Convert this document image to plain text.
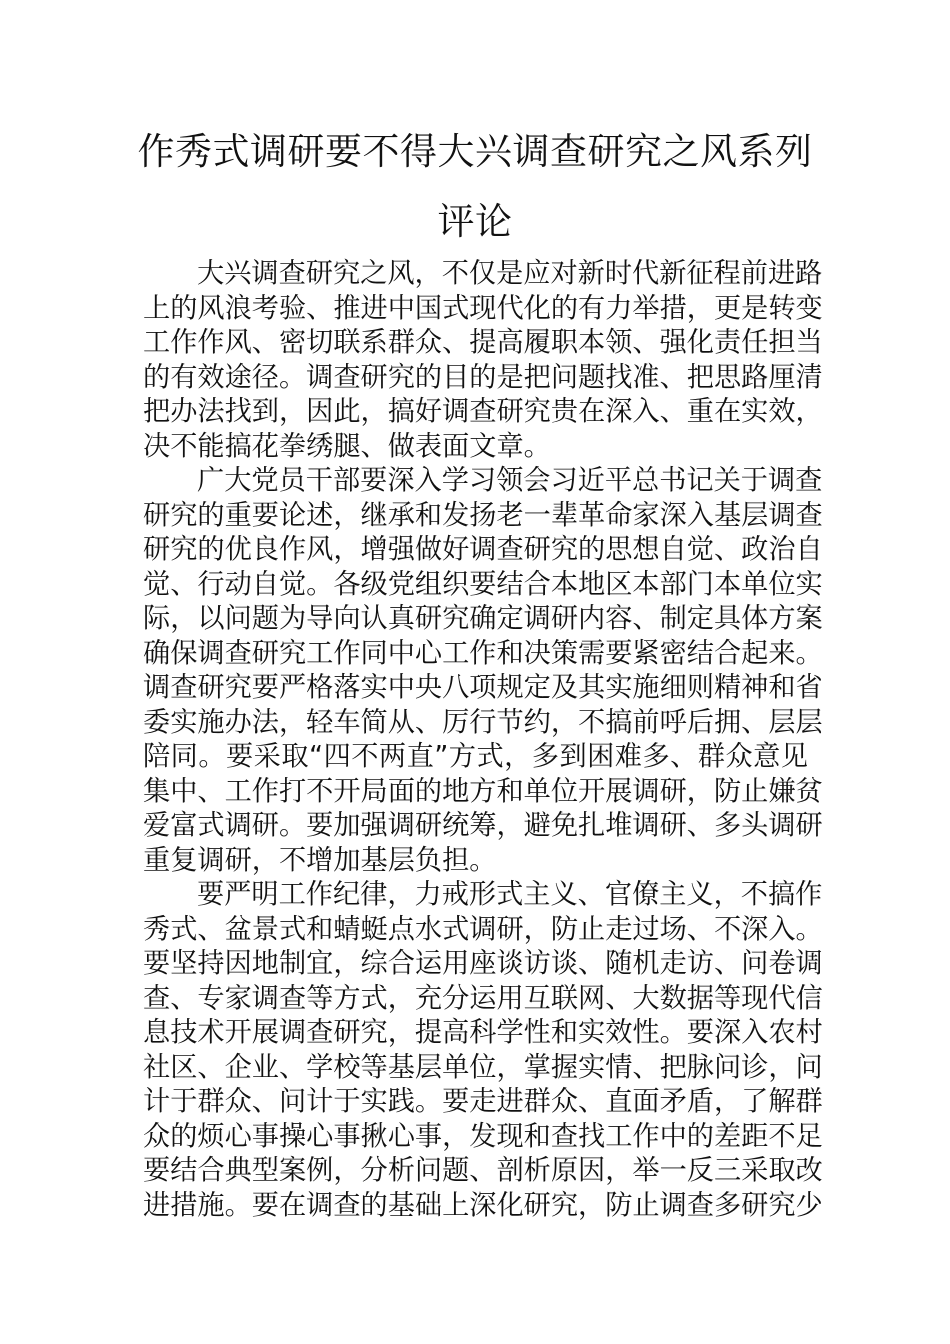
作秀式调研要不得大兴调查研究之风系列
评论
大兴调查研究之风，不仅是应对新时代新征程前进路
上的风浪考验、推进中国式现代化的有力举措，更是转变
工作作风、密切联系群众、提高履职本领、强化责任担当
的有效途径。调查研究的目的是把问题找准、把思路厘清
把办法找到，因此，搞好调查研究贵在深入、重在实效，
决不能搞花拳绣腿、做表面文章。
广大党员干部要深入学习领会习近平总书记关于调查
研究的重要论述，继承和发扬老一辈革命家深入基层调查
研究的优良作风，增强做好调查研究的思想自觉、政治自
觉、行动自觉。各级党组织要结合本地区本部门本单位实
际，以问题为导向认真研究确定调研内容、制定具体方案
确保调查研究工作同中心工作和决策需要紧密结合起来。
调查研究要严格落实中央八项规定及其实施细则精神和省
委实施办法，轻车简从、厉行节约，不搞前呼后拥、层层
陪同。要采取“四不两直”方式，多到困难多、群众意见
集中、工作打不开局面的地方和单位开展调研，防止嫌贫
爱富式调研。要加强调研统筹，避免扎堆调研、多头调研
重复调研，不增加基层负担。
要严明工作纪律，力戒形式主义、官僚主义，不搞作
秀式、盆景式和蜻蜓点水式调研，防止走过场、不深入。
要坚持因地制宜，综合运用座谈访谈、随机走访、问卷调
查、专家调查等方式，充分运用互联网、大数据等现代信
息技术开展调查研究，提高科学性和实效性。要深入农村
社区、企业、学校等基层单位，掌握实情、把脉问诊，问
计于群众、问计于实践。要走进群众、直面矛盾，了解群
众的烦心事操心事揪心事，发现和查找工作中的差距不足
要结合典型案例，分析问题、剖析原因，举一反三采取改
进措施。要在调查的基础上深化研究，防止调查多研究少
